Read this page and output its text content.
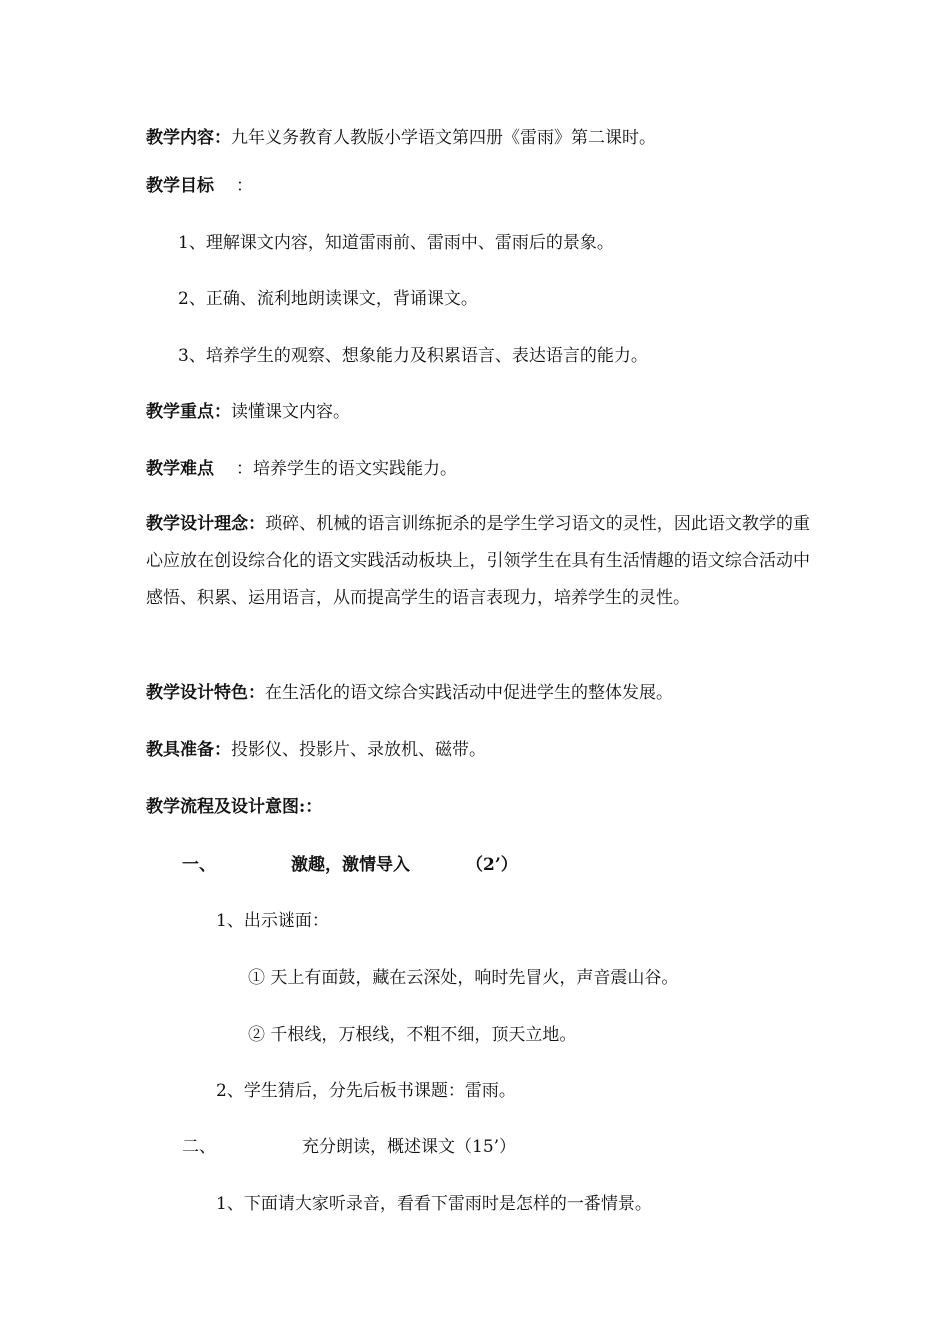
教学内容：九年义务教育人教版小学语文第四册《雷雨》第二课时。
教学目标 ：
1、理解课文内容，知道雷雨前、雷雨中、雷雨后的景象。
2、正确、流利地朗读课文，背诵课文。
3、培养学生的观察、想象能力及积累语言、表达语言的能力。
教学重点：读懂课文内容。
教学难点 ：培养学生的语文实践能力。
教学设计理念：琐碎、机械的语言训练扼杀的是学生学习语文的灵性，因此语文教学的重心应放在创设综合化的语文实践活动板块上，引领学生在具有生活情趣的语文综合活动中感悟、积累、运用语言，从而提高学生的语言表现力，培养学生的灵性。
教学设计特色：在生活化的语文综合实践活动中促进学生的整体发展。
教具准备：投影仪、投影片、录放机、磁带。
教学流程及设计意图:：
一、	激趣，激情导入	（2’）
1、出示谜面：
① 天上有面鼓，藏在云深处，响时先冒火，声音震山谷。
② 千根线，万根线，不粗不细，顶天立地。
2、学生猜后，分先后板书课题：雷雨。
二、	充分朗读，概述课文（15’）
1、下面请大家听录音，看看下雷雨时是怎样的一番情景。
